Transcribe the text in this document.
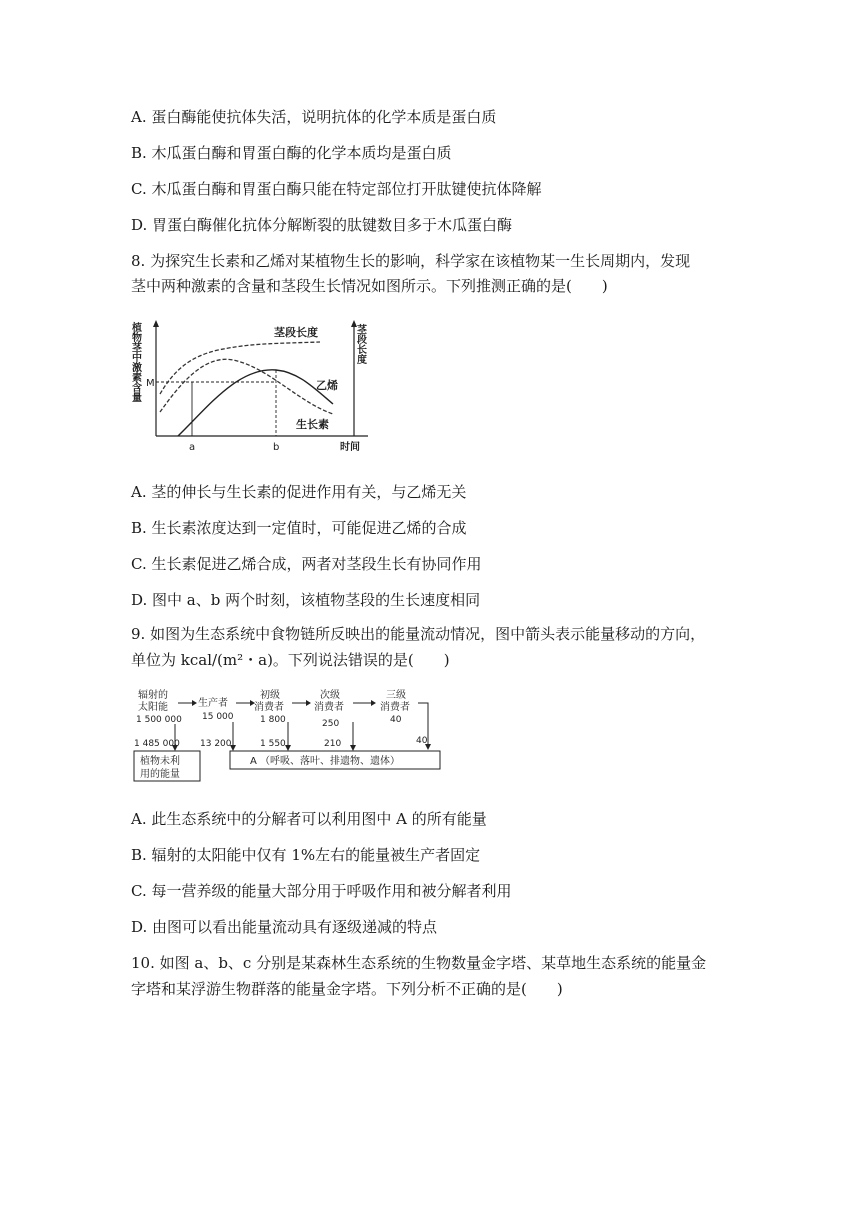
A. 蛋白酶能使抗体失活，说明抗体的化学本质是蛋白质
B. 木瓜蛋白酶和胃蛋白酶的化学本质均是蛋白质
C. 木瓜蛋白酶和胃蛋白酶只能在特定部位打开肽键使抗体降解
D. 胃蛋白酶催化抗体分解断裂的肽键数目多于木瓜蛋白酶
8. 为探究生长素和乙烯对某植物生长的影响，科学家在该植物某一生长周期内，发现
茎中两种激素的含量和茎段生长情况如图所示。下列推测正确的是(　　)
植物茎中激素含量	茎段长度
M
a	b	时间
茎段长度
生长素
乙烯
A. 茎的伸长与生长素的促进作用有关，与乙烯无关
B. 生长素浓度达到一定值时，可能促进乙烯的合成
C. 生长素促进乙烯合成，两者对茎段生长有协同作用
D. 图中 a、b 两个时刻，该植物茎段的生长速度相同
9. 如图为生态系统中食物链所反映出的能量流动情况，图中箭头表示能量移动的方向，
单位为 kcal/(m²・a)。下列说法错误的是(　　)
辐射的
太阳能
1 500 000
生产者
15 000
初级
消费者
1 800
次级
消费者
250
三级
消费者
40
1 485 000 13 200	1 550	210	40
植物未利
用的能量
A （呼吸、落叶、排遗物、遗体）
A. 此生态系统中的分解者可以利用图中 A 的所有能量
B. 辐射的太阳能中仅有 1%左右的能量被生产者固定
C. 每一营养级的能量大部分用于呼吸作用和被分解者利用
D. 由图可以看出能量流动具有逐级递减的特点
10. 如图 a、b、c 分别是某森林生态系统的生物数量金字塔、某草地生态系统的能量金
字塔和某浮游生物群落的能量金字塔。下列分析不正确的是(　　)
